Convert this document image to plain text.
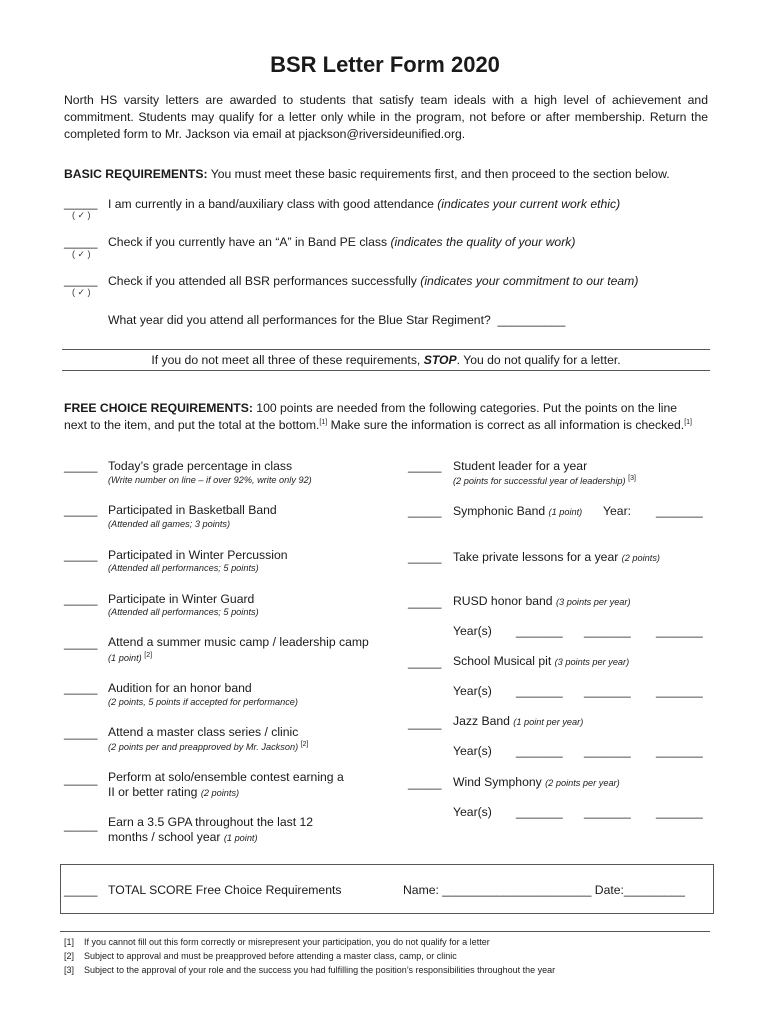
BSR Letter Form 2020
North HS varsity letters are awarded to students that satisfy team ideals with a high level of achievement and commitment. Students may qualify for a letter only while in the program, not before or after membership. Return the completed form to Mr. Jackson via email at pjackson@riversideunified.org.
BASIC REQUIREMENTS: You must meet these basic requirements first, and then proceed to the section below.
_____
( ✓ )
I am currently in a band/auxiliary class with good attendance (indicates your current work ethic)
_____
( ✓ )
Check if you currently have an “A” in Band PE class (indicates the quality of your work)
_____
( ✓ )
Check if you attended all BSR performances successfully (indicates your commitment to our team)
What year did you attend all performances for the Blue Star Regiment?  __________
If you do not meet all three of these requirements, STOP. You do not qualify for a letter.
FREE CHOICE REQUIREMENTS: 100 points are needed from the following categories. Put the points on the line
next to the item, and put the total at the bottom.[1] Make sure the information is correct as all information is checked.[1]
_____ Today’s grade percentage in class
(Write number on line – if over 92%, write only 92)
_____ Participated in Basketball Band
(Attended all games; 3 points)
_____ Participated in Winter Percussion
(Attended all performances; 5 points)
_____ Participate in Winter Guard
(Attended all performances; 5 points)
_____ Attend a summer music camp / leadership camp
(1 point) [2]
_____ Audition for an honor band
(2 points, 5 points if accepted for performance)
_____ Attend a master class series / clinic
(2 points per and preapproved by Mr. Jackson) [2]
_____ Perform at solo/ensemble contest earning a
II or better rating (2 points)
_____ Earn a 3.5 GPA throughout the last 12
months / school year (1 point)
_____ Student leader for a year
(2 points for successful year of leadership) [3]
_____ Symphonic Band (1 point) Year: _______
_____ Take private lessons for a year (2 points)
_____ RUSD honor band (3 points per year)
Year(s) _______ _______ _______
_____ School Musical pit (3 points per year)
Year(s) _______ _______ _______
_____ Jazz Band (1 point per year)
Year(s) _______ _______ _______
_____ Wind Symphony (2 points per year)
Year(s) _______ _______ _______
_____ TOTAL SCORE Free Choice Requirements	Name: ______________________ Date:_________
[1]    If you cannot fill out this form correctly or misrepresent your participation, you do not qualify for a letter
[2]    Subject to approval and must be preapproved before attending a master class, camp, or clinic
[3]    Subject to the approval of your role and the success you had fulfilling the position’s responsibilities throughout the year
